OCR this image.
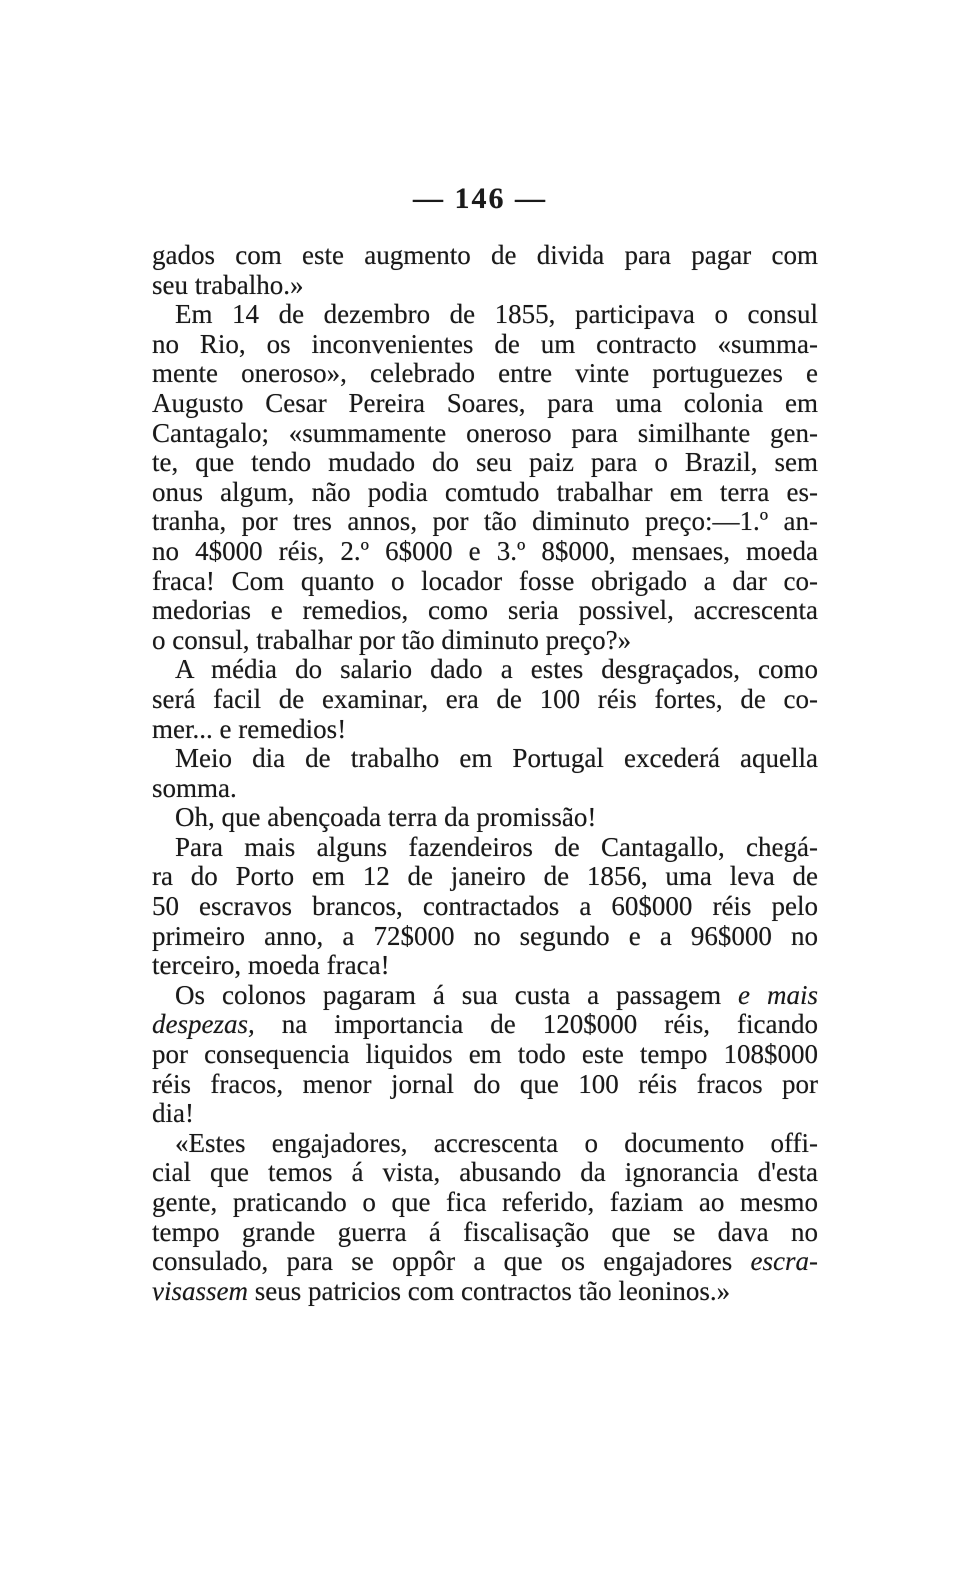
— 146 —
gados com este augmento de divida para pagar com
seu trabalho.»
Em 14 de dezembro de 1855, participava o consul
no Rio, os inconvenientes de um contracto «summa-
mente oneroso», celebrado entre vinte portuguezes e
Augusto Cesar Pereira Soares, para uma colonia em
Cantagalo; «summamente oneroso para similhante gen-
te, que tendo mudado do seu paiz para o Brazil, sem
onus algum, não podia comtudo trabalhar em terra es-
tranha, por tres annos, por tão diminuto preço:—1.º an-
no 4$000 réis, 2.º 6$000 e 3.º 8$000, mensaes, moeda
fraca! Com quanto o locador fosse obrigado a dar co-
medorias e remedios, como seria possivel, accrescenta
o consul, trabalhar por tão diminuto preço?»
A média do salario dado a estes desgraçados, como
será facil de examinar, era de 100 réis fortes, de co-
mer... e remedios!
Meio dia de trabalho em Portugal excederá aquella
somma.
Oh, que abençoada terra da promissão!
Para mais alguns fazendeiros de Cantagallo, chegá-
ra do Porto em 12 de janeiro de 1856, uma leva de
50 escravos brancos, contractados a 60$000 réis pelo
primeiro anno, a 72$000 no segundo e a 96$000 no
terceiro, moeda fraca!
Os colonos pagaram á sua custa a passagem e mais
despezas, na importancia de 120$000 réis, ficando
por consequencia liquidos em todo este tempo 108$000
réis fracos, menor jornal do que 100 réis fracos por
dia!
«Estes engajadores, accrescenta o documento offi-
cial que temos á vista, abusando da ignorancia d'esta
gente, praticando o que fica referido, faziam ao mesmo
tempo grande guerra á fiscalisação que se dava no
consulado, para se oppôr a que os engajadores escra-
visassem seus patricios com contractos tão leoninos.»
